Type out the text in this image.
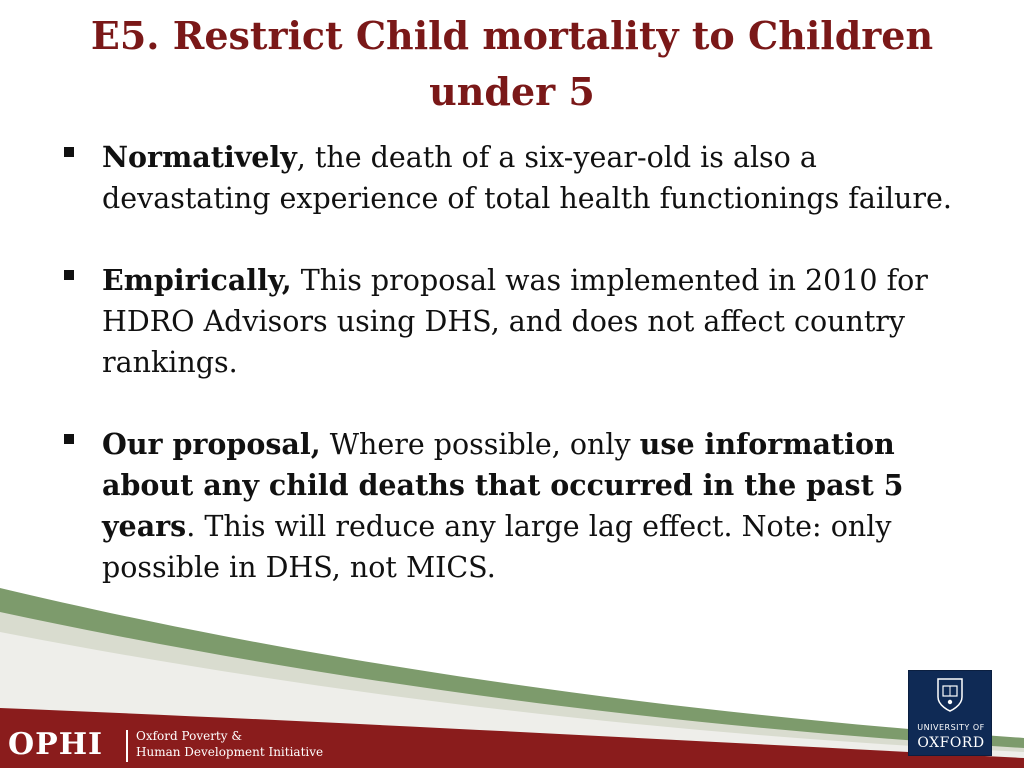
E5. Restrict Child mortality to Children under 5
Normatively, the death of a six-year-old is also a devastating experience of total health functionings failure.
Empirically, This proposal was implemented in 2010 for HDRO Advisors using DHS, and does not affect country rankings.
Our proposal, Where possible, only use information about any child deaths that occurred in the past 5 years. This will reduce any large lag effect. Note: only possible in DHS, not MICS.
OPHI	Oxford Poverty &
Human Development Initiative
UNIVERSITY OF
OXFORD
